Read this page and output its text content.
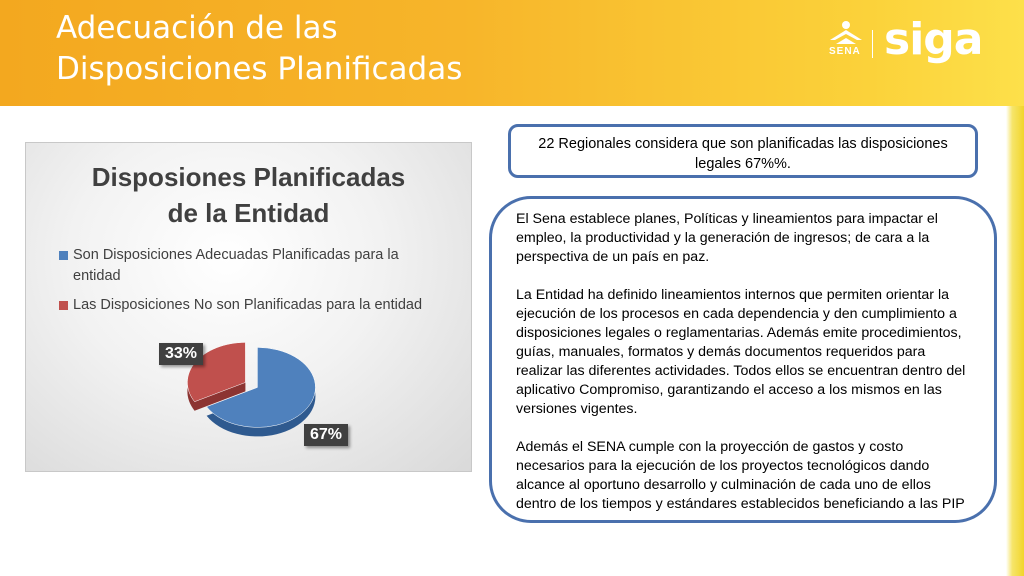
Adecuación de las
Disposiciones Planificadas	SENA siga
Disposiones Planificadas
de la Entidad
Son Disposiciones Adecuadas Planificadas para la
entidad
Las Disposiciones No son Planificadas para la entidad
33%
67%
22 Regionales considera que son planificadas las disposiciones legales 67%%.

El Sena establece planes, Políticas y lineamientos para impactar el empleo, la productividad y la generación de ingresos; de cara a la perspectiva de un país en paz.

La Entidad ha definido lineamientos internos que permiten orientar la ejecución de los procesos en cada dependencia y den cumplimiento a disposiciones legales o reglamentarias. Además emite procedimientos, guías, manuales, formatos y demás documentos requeridos para realizar las diferentes actividades. Todos ellos se encuentran dentro del aplicativo Compromiso, garantizando el acceso a los mismos en las versiones vigentes.

Además el SENA cumple con la proyección de gastos y costo necesarios para la ejecución de los proyectos tecnológicos dando alcance al oportuno desarrollo y culminación de cada uno de ellos dentro de los tiempos y estándares establecidos beneficiando a las PIP
